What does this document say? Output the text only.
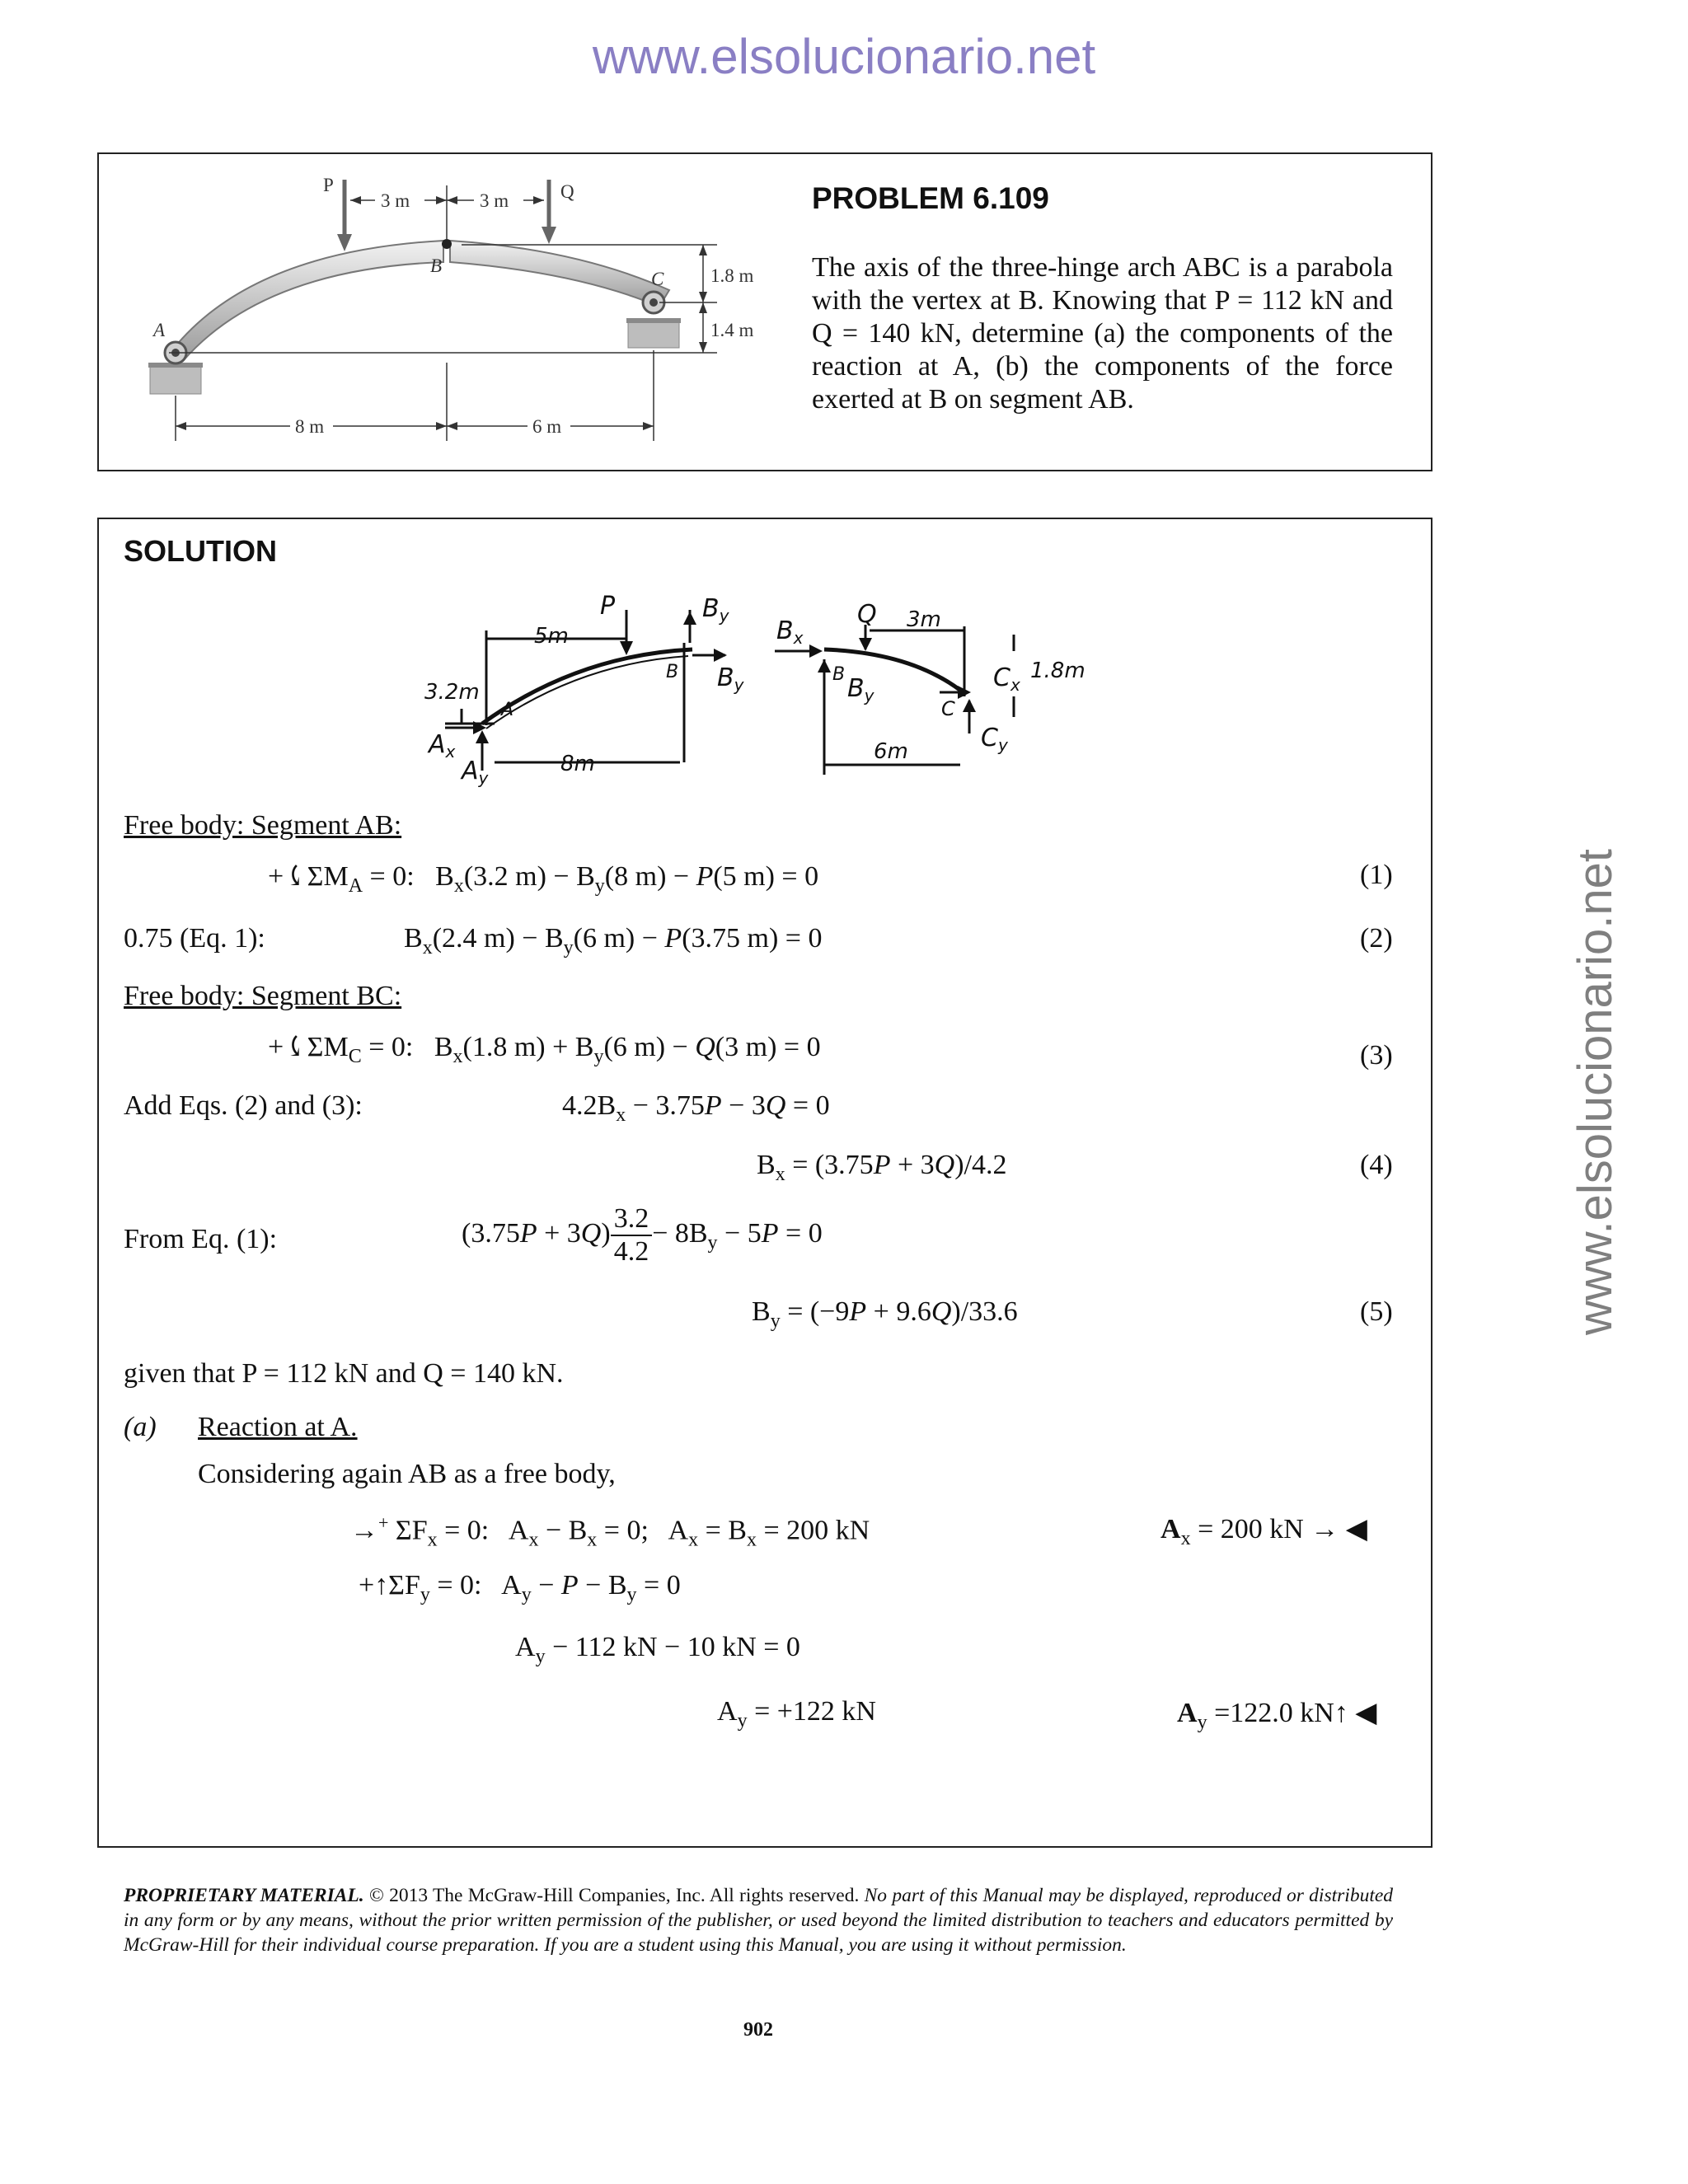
www.elsolucionario.net
www.elsolucionario.net
P	Q
A
B
C
3 m	3 m
1.8 m
1.4 m
8 m	6 m
PROBLEM 6.109
The axis of the three-hinge arch ABC is a parabola with the vertex at B. Knowing that P = 112 kN and Q = 140 kN, determine (a) the components of the reaction at A, (b) the components of the force exerted at B on segment AB.
SOLUTION
P	$B_y$
$B_y$
B
A
$A_x$
$A_y$
5m
3.2m
8m
$B_x$
Q 3m
B $B_y$
C
$C_x$
1.8m
$C_y$
6m
Free body: Segment AB:
$+⤹\Sigma M_A = 0$:   $B_x(3.2$ $m) - B_y(8$ m) − P(5 m) = 0	(1)
0.75 (Eq. 1):	$B_x(2.4$ $m) - B_y(6$ m) − P(3.75 m) = 0	(2)
Free body: Segment BC:
$+⤹\Sigma M_C = 0$:   $B_x(1.8$ $m) + B_y(6$ m) − Q(3 m) = 0	(3)
Add Eqs. (2) and (3):	$4.2B_x - 3.75P - 3Q = 0$
$B_x = (3.75P + 3Q)/4.2$	(4)
From Eq. (1):	$(3.75P + 3Q) \frac{3.2}{4.2} - 8B_y - 5P = 0$
$B_y = (-9P + 9.6Q)/33.6$	(5)
given that P = 112 kN and Q = 140 kN.
(a) Reaction at A.
Considering again AB as a free body,
→+ $\Sigma F_x = 0$:   $A_x - B_x = 0$;   $A_x = B_x = 200$ kN	$A_x = 200$ kN → ◀
$+↑\Sigma F_y = 0$:   $A_y - P - B_y = 0$
$A_y - 112$ kN − 10 kN = 0
$A_y = +122$ kN	$A_y =122.0$ kN↑ ◀
PROPRIETARY MATERIAL. © 2013 The McGraw-Hill Companies, Inc. All rights reserved. No part of this Manual may be displayed, reproduced or distributed in any form or by any means, without the prior written permission of the publisher, or used beyond the limited distribution to teachers and educators permitted by McGraw-Hill for their individual course preparation. If you are a student using this Manual, you are using it without permission.
902
